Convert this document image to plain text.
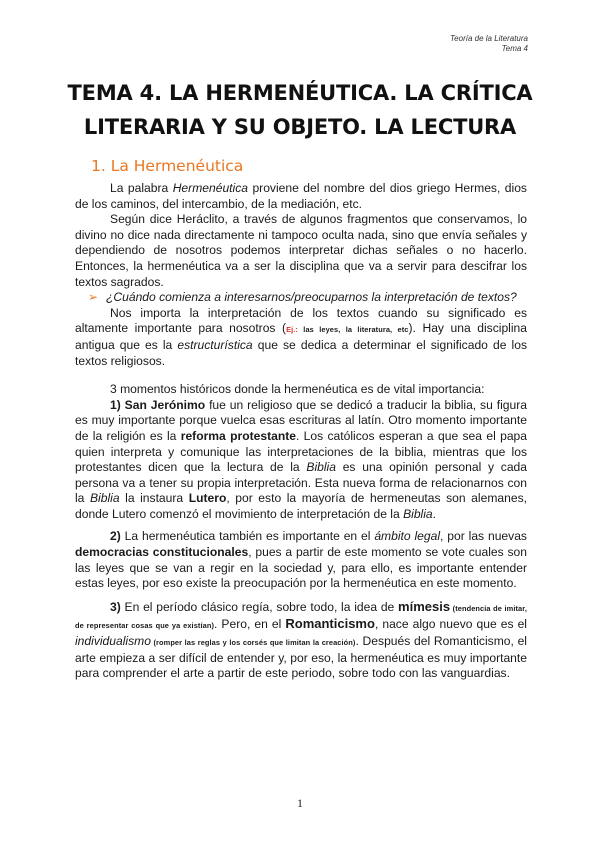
Teoría de la Literatura
Tema 4
TEMA 4. LA HERMENÉUTICA. LA CRÍTICA
LITERARIA Y SU OBJETO. LA LECTURA
1. La Hermenéutica

La palabra Hermenéutica proviene del nombre del dios griego Hermes, dios de los caminos, del intercambio, de la mediación, etc.

Según dice Heráclito, a través de algunos fragmentos que conservamos, lo divino no dice nada directamente ni tampoco oculta nada, sino que envía señales y dependiendo de nosotros podemos interpretar dichas señales o no hacerlo. Entonces, la hermenéutica va a ser la disciplina que va a servir para descifrar los textos sagrados.

➢ ¿Cuándo comienza a interesarnos/preocuparnos la interpretación de textos?

Nos importa la interpretación de los textos cuando su significado es altamente importante para nosotros (Ej.: las leyes, la literatura, etc). Hay una disciplina antigua que es la estructurística que se dedica a determinar el significado de los textos religiosos.

3 momentos históricos donde la hermenéutica es de vital importancia:

1) San Jerónimo fue un religioso que se dedicó a traducir la biblia, su figura es muy importante porque vuelca esas escrituras al latín. Otro momento importante de la religión es la reforma protestante. Los católicos esperan a que sea el papa quien interpreta y comunique las interpretaciones de la biblia, mientras que los protestantes dicen que la lectura de la Biblia es una opinión personal y cada persona va a tener su propia interpretación. Esta nueva forma de relacionarnos con la Biblia la instaura Lutero, por esto la mayoría de hermeneutas son alemanes, donde Lutero comenzó el movimiento de interpretación de la Biblia.

2) La hermenéutica también es importante en el ámbito legal, por las nuevas democracias constitucionales, pues a partir de este momento se vote cuales son las leyes que se van a regir en la sociedad y, para ello, es importante entender estas leyes, por eso existe la preocupación por la hermenéutica en este momento.

3) En el período clásico regía, sobre todo, la idea de mímesis (tendencia de imitar, de representar cosas que ya existían). Pero, en el Romanticismo, nace algo nuevo que es el individualismo (romper las reglas y los corsés que limitan la creación). Después del Romanticismo, el arte empieza a ser difícil de entender y, por eso, la hermenéutica es muy importante para comprender el arte a partir de este periodo, sobre todo con las vanguardias.

1
